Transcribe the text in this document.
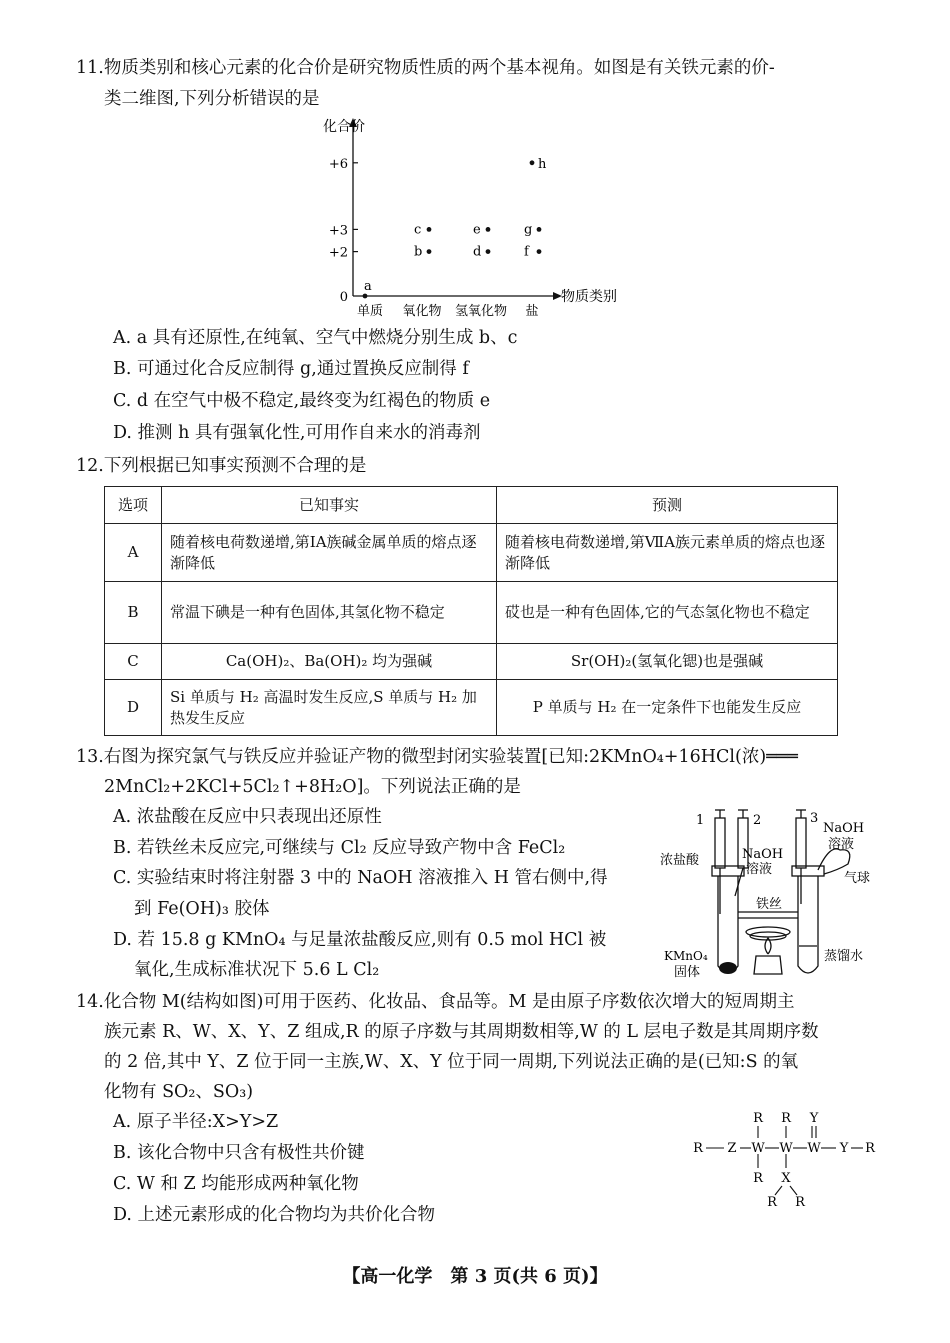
11.物质类别和核心元素的化合价是研究物质性质的两个基本视角。如图是有关铁元素的价-
类二维图,下列分析错误的是
化合价
物质类别
+6
+3
+2
0
单质 氧化物 氢氧化物 盐
a
b
c
d
e
f
g
h
A. a 具有还原性,在纯氧、空气中燃烧分别生成 b、c
B. 可通过化合反应制得 g,通过置换反应制得 f
C. d 在空气中极不稳定,最终变为红褐色的物质 e
D. 推测 h 具有强氧化性,可用作自来水的消毒剂
12.下列根据已知事实预测不合理的是
选项	已知事实	预测
A	随着核电荷数递增,第ⅠA族碱金属单质的熔点逐渐降低	随着核电荷数递增,第ⅦA族元素单质的熔点也逐渐降低
B	常温下碘是一种有色固体,其氢化物不稳定	砹也是一种有色固体,它的气态氢化物也不稳定
C	Ca(OH)₂、Ba(OH)₂ 均为强碱	Sr(OH)₂(氢氧化锶)也是强碱
D	Si 单质与 H₂ 高温时发生反应,S 单质与 H₂ 加热发生反应	P 单质与 H₂ 在一定条件下也能发生反应
13.右图为探究氯气与铁反应并验证产物的微型封闭实验装置[已知:2KMnO₄+16HCl(浓)═══
2MnCl₂+2KCl+5Cl₂↑+8H₂O]。下列说法正确的是
A. 浓盐酸在反应中只表现出还原性
B. 若铁丝未反应完,可继续与 Cl₂ 反应导致产物中含 FeCl₂
C. 实验结束时将注射器 3 中的 NaOH 溶液推入 H 管右侧中,得
到 Fe(OH)₃ 胶体
D. 若 15.8 g KMnO₄ 与足量浓盐酸反应,则有 0.5 mol HCl 被
氧化,生成标准状况下 5.6 L Cl₂
1	2	3
NaOH
溶液
浓盐酸	NaOH
溶液
气球
铁丝
KMnO₄
固体
蒸馏水
14.化合物 M(结构如图)可用于医药、化妆品、食品等。M 是由原子序数依次增大的短周期主
族元素 R、W、X、Y、Z 组成,R 的原子序数与其周期数相等,W 的 L 层电子数是其周期序数
的 2 倍,其中 Y、Z 位于同一主族,W、X、Y 位于同一周期,下列说法正确的是(已知:S 的氧
化物有 SO₂、SO₃)
A. 原子半径:X>Y>Z
B. 该化合物中只含有极性共价键
C. W 和 Z 均能形成两种氧化物
D. 上述元素形成的化合物均为共价化合物
R Z W W W Y R
R R Y
R X
R R
【高一化学　第 3 页(共 6 页)】
